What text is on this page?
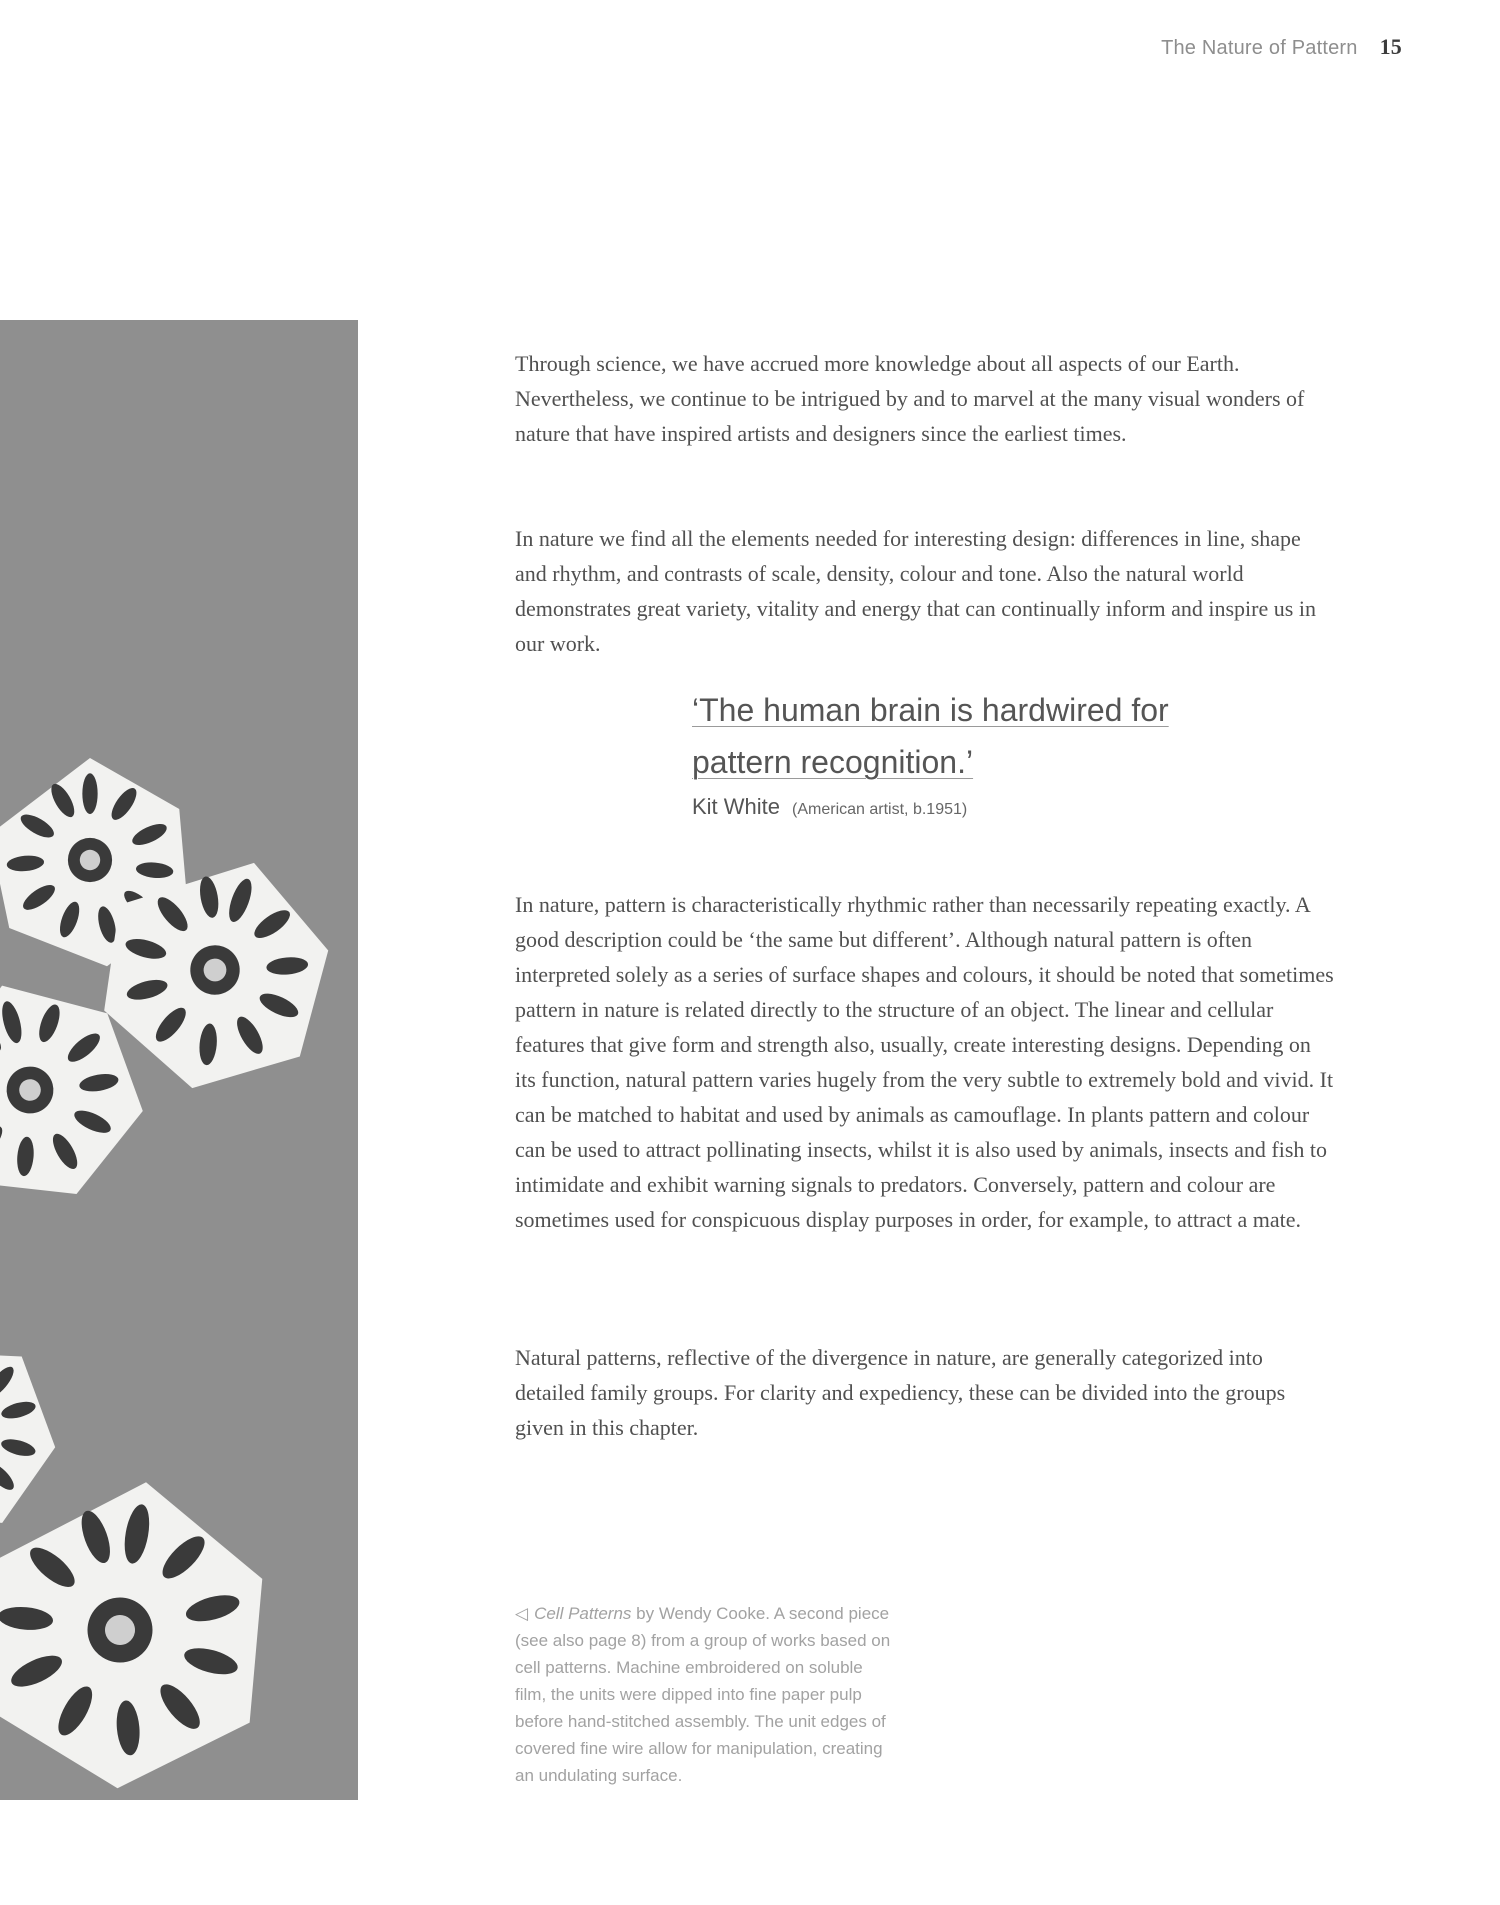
The Nature of Pattern 15

Through science, we have accrued more knowledge about all aspects of our Earth. Nevertheless, we continue to be intrigued by and to marvel at the many visual wonders of nature that have inspired artists and designers since the earliest times.

In nature we find all the elements needed for interesting design: differences in line, shape and rhythm, and contrasts of scale, density, colour and tone. Also the natural world demonstrates great variety, vitality and energy that can continually inform and inspire us in our work.

‘The human brain is hardwired for pattern recognition.’
Kit White (American artist, b.1951)

In nature, pattern is characteristically rhythmic rather than necessarily repeating exactly. A good description could be ‘the same but different’. Although natural pattern is often interpreted solely as a series of surface shapes and colours, it should be noted that sometimes pattern in nature is related directly to the structure of an object. The linear and cellular features that give form and strength also, usually, create interesting designs. Depending on its function, natural pattern varies hugely from the very subtle to extremely bold and vivid. It can be matched to habitat and used by animals as camouflage. In plants pattern and colour can be used to attract pollinating insects, whilst it is also used by animals, insects and fish to intimidate and exhibit warning signals to predators. Conversely, pattern and colour are sometimes used for conspicuous display purposes in order, for example, to attract a mate.

Natural patterns, reflective of the divergence in nature, are generally categorized into detailed family groups. For clarity and expediency, these can be divided into the groups given in this chapter.

◁ Cell Patterns by Wendy Cooke. A second piece (see also page 8) from a group of works based on cell patterns. Machine embroidered on soluble film, the units were dipped into fine paper pulp before hand-stitched assembly. The unit edges of covered fine wire allow for manipulation, creating an undulating surface.
